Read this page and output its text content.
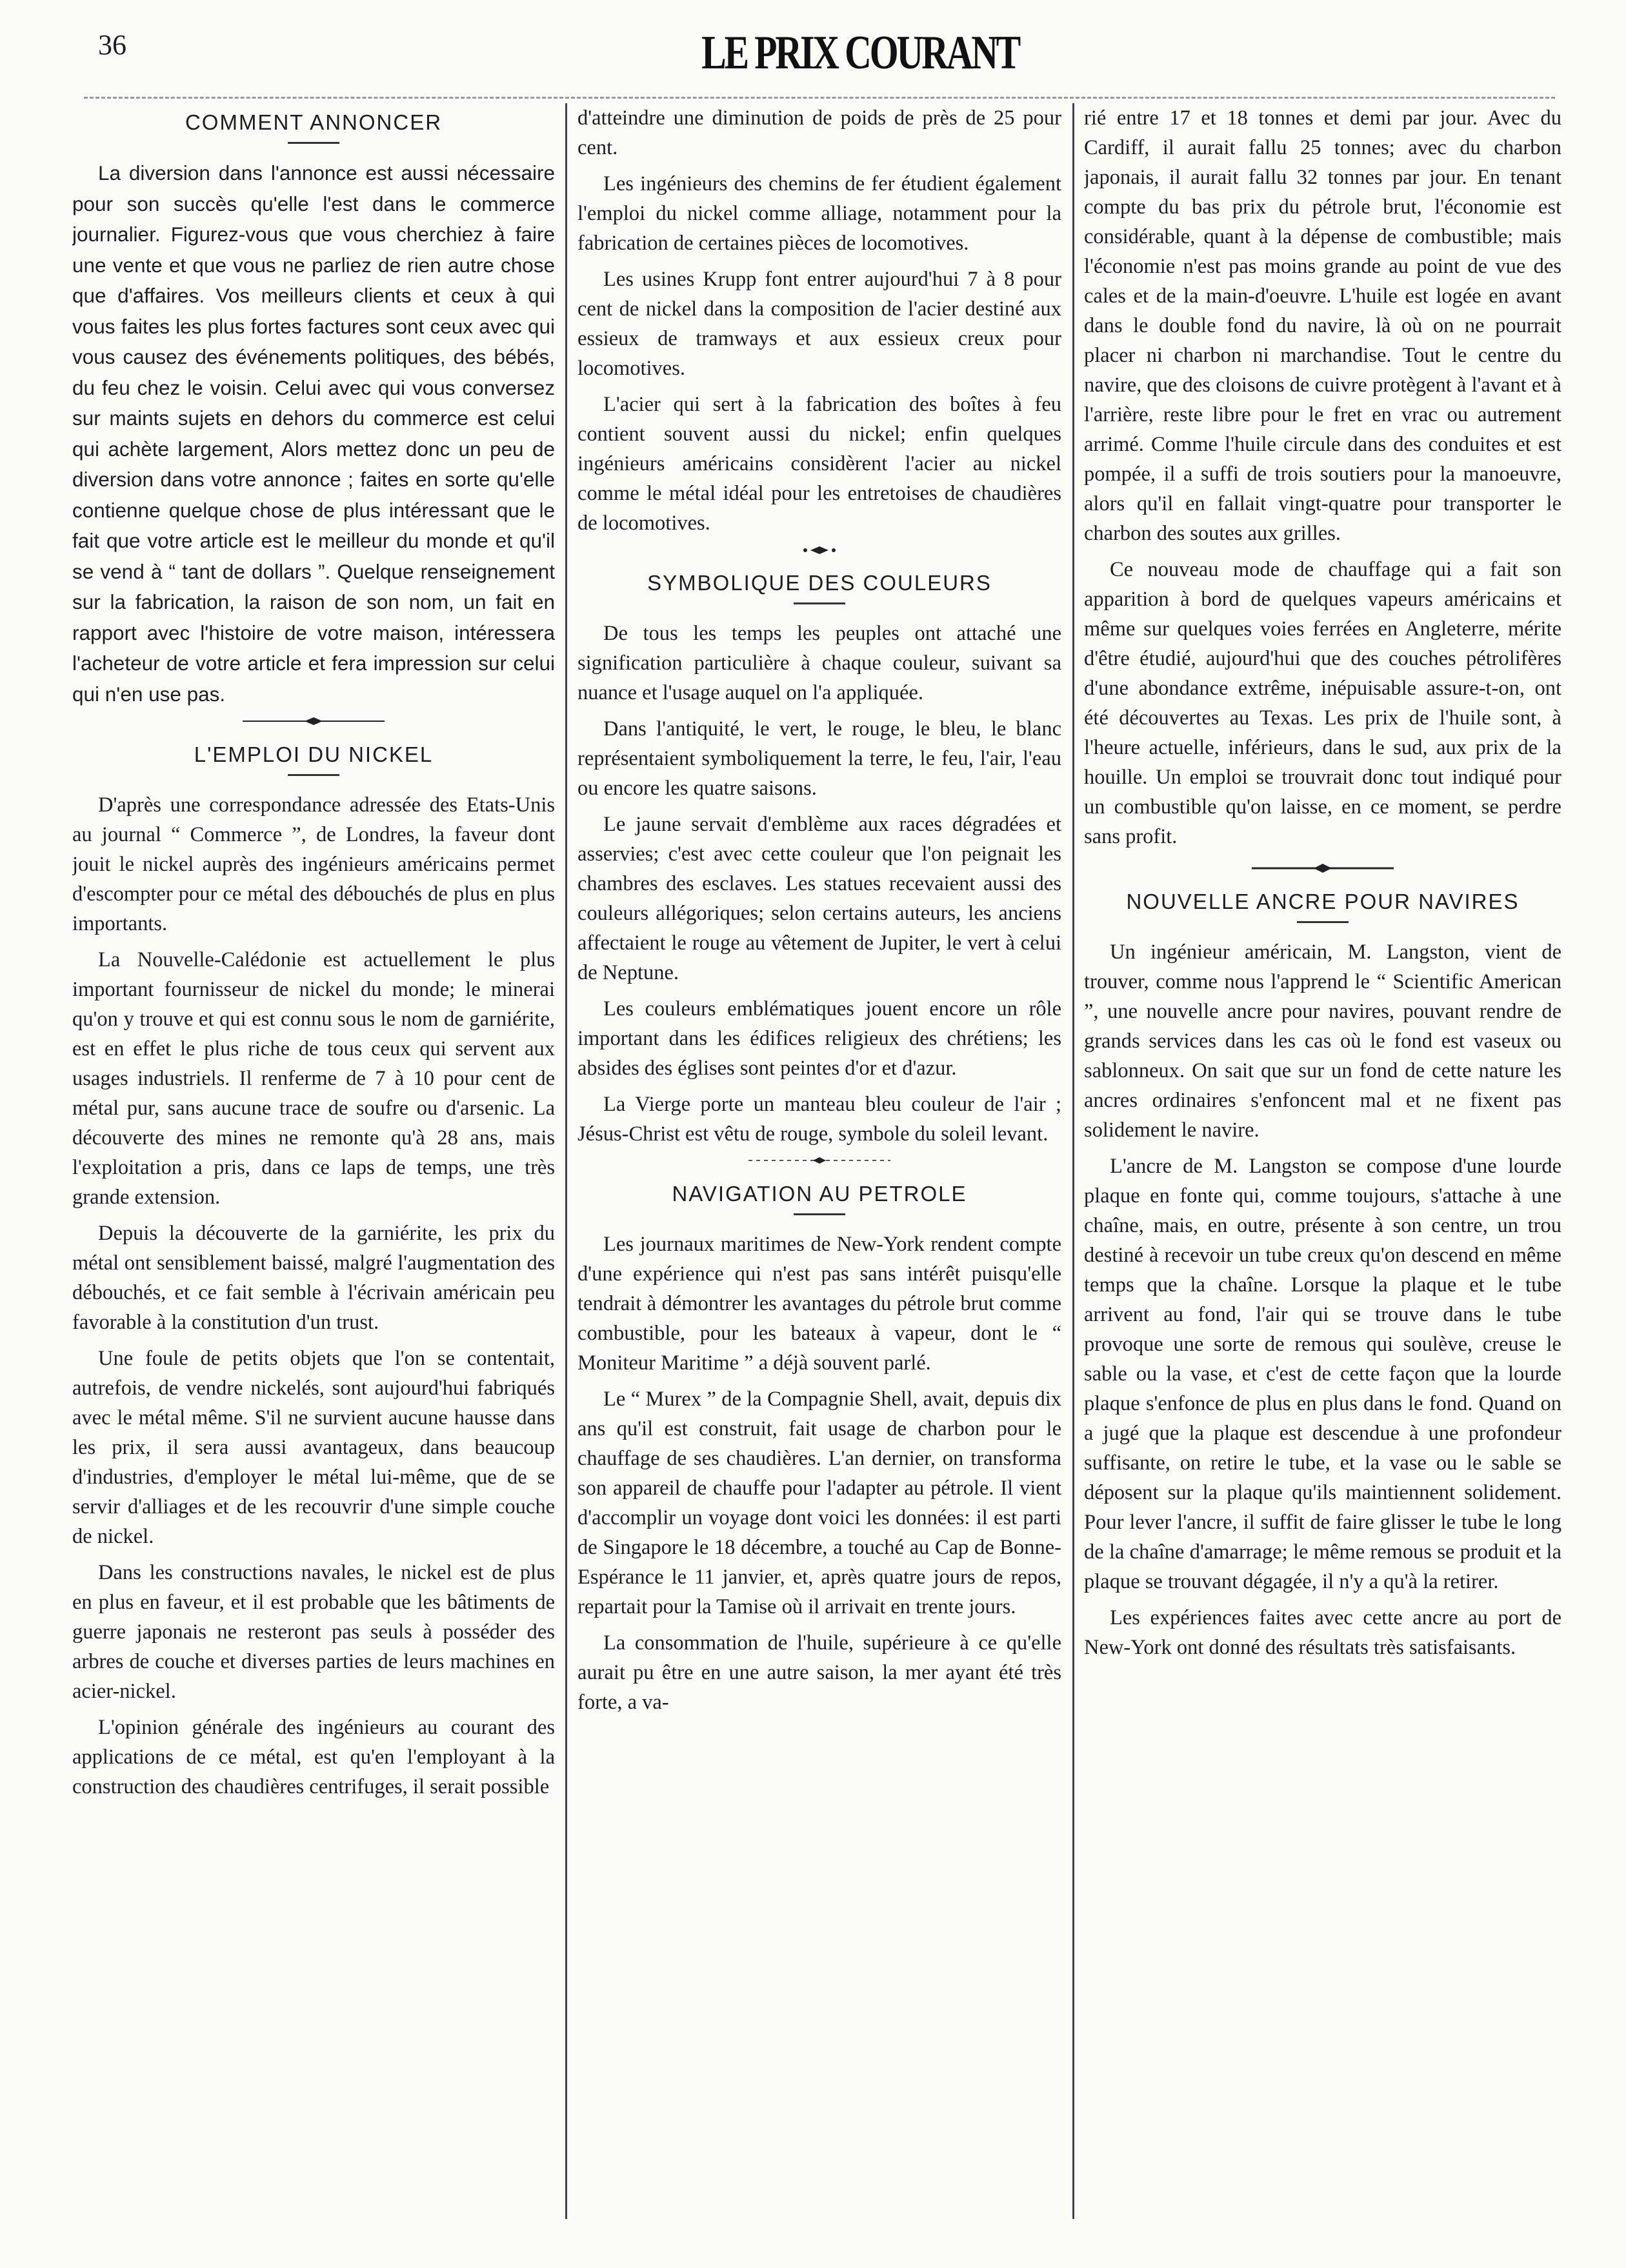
36	LE PRIX COURANT
COMMENT ANNONCER

La diversion dans l'annonce est aussi nécessaire pour son succès qu'elle l'est dans le commerce journalier. Figurez-vous que vous cherchiez à faire une vente et que vous ne parliez de rien autre chose que d'affaires. Vos meilleurs clients et ceux à qui vous faites les plus fortes factures sont ceux avec qui vous causez des événements politiques, des bébés, du feu chez le voisin. Celui avec qui vous conversez sur maints sujets en dehors du commerce est celui qui achète largement, Alors mettez donc un peu de diversion dans votre annonce ; faites en sorte qu'elle contienne quelque chose de plus intéressant que le fait que votre article est le meilleur du monde et qu'il se vend à “ tant de dollars ”. Quelque renseignement sur la fabrication, la raison de son nom, un fait en rapport avec l'histoire de votre maison, intéressera l'acheteur de votre article et fera impression sur celui qui n'en use pas.

L'EMPLOI DU NICKEL

D'après une correspondance adressée des Etats-Unis au journal “ Commerce ”, de Londres, la faveur dont jouit le nickel auprès des ingénieurs américains permet d'escompter pour ce métal des débouchés de plus en plus importants.

La Nouvelle-Calédonie est actuellement le plus important fournisseur de nickel du monde; le minerai qu'on y trouve et qui est connu sous le nom de garniérite, est en effet le plus riche de tous ceux qui servent aux usages industriels. Il renferme de 7 à 10 pour cent de métal pur, sans aucune trace de soufre ou d'arsenic. La découverte des mines ne remonte qu'à 28 ans, mais l'exploitation a pris, dans ce laps de temps, une très grande extension.

Depuis la découverte de la garniérite, les prix du métal ont sensiblement baissé, malgré l'augmentation des débouchés, et ce fait semble à l'écrivain américain peu favorable à la constitution d'un trust.

Une foule de petits objets que l'on se contentait, autrefois, de vendre nickelés, sont aujourd'hui fabriqués avec le métal même. S'il ne survient aucune hausse dans les prix, il sera aussi avantageux, dans beaucoup d'industries, d'employer le métal lui-même, que de se servir d'alliages et de les recouvrir d'une simple couche de nickel.

Dans les constructions navales, le nickel est de plus en plus en faveur, et il est probable que les bâtiments de guerre japonais ne resteront pas seuls à posséder des arbres de couche et diverses parties de leurs machines en acier-nickel.

L'opinion générale des ingénieurs au courant des applications de ce métal, est qu'en l'employant à la construction des chaudières centrifuges, il serait possible

d'atteindre une diminution de poids de près de 25 pour cent.

Les ingénieurs des chemins de fer étudient également l'emploi du nickel comme alliage, notamment pour la fabrication de certaines pièces de locomotives.

Les usines Krupp font entrer aujourd'hui 7 à 8 pour cent de nickel dans la composition de l'acier destiné aux essieux de tramways et aux essieux creux pour locomotives.

L'acier qui sert à la fabrication des boîtes à feu contient souvent aussi du nickel; enfin quelques ingénieurs américains considèrent l'acier au nickel comme le métal idéal pour les entretoises de chaudières de locomotives.

SYMBOLIQUE DES COULEURS

De tous les temps les peuples ont attaché une signification particulière à chaque couleur, suivant sa nuance et l'usage auquel on l'a appliquée.

Dans l'antiquité, le vert, le rouge, le bleu, le blanc représentaient symboliquement la terre, le feu, l'air, l'eau ou encore les quatre saisons.

Le jaune servait d'emblème aux races dégradées et asservies; c'est avec cette couleur que l'on peignait les chambres des esclaves. Les statues recevaient aussi des couleurs allégoriques; selon certains auteurs, les anciens affectaient le rouge au vêtement de Jupiter, le vert à celui de Neptune.

Les couleurs emblématiques jouent encore un rôle important dans les édifices religieux des chrétiens; les absides des églises sont peintes d'or et d'azur.

La Vierge porte un manteau bleu couleur de l'air ; Jésus-Christ est vêtu de rouge, symbole du soleil levant.

NAVIGATION AU PETROLE

Les journaux maritimes de New-York rendent compte d'une expérience qui n'est pas sans intérêt puisqu'elle tendrait à démontrer les avantages du pétrole brut comme combustible, pour les bateaux à vapeur, dont le “ Moniteur Maritime ” a déjà souvent parlé.

Le “ Murex ” de la Compagnie Shell, avait, depuis dix ans qu'il est construit, fait usage de charbon pour le chauffage de ses chaudières. L'an dernier, on transforma son appareil de chauffe pour l'adapter au pétrole. Il vient d'accomplir un voyage dont voici les données: il est parti de Singapore le 18 décembre, a touché au Cap de Bonne-Espérance le 11 janvier, et, après quatre jours de repos, repartait pour la Tamise où il arrivait en trente jours.

La consommation de l'huile, supérieure à ce qu'elle aurait pu être en une autre saison, la mer ayant été très forte, a va-

rié entre 17 et 18 tonnes et demi par jour. Avec du Cardiff, il aurait fallu 25 tonnes; avec du charbon japonais, il aurait fallu 32 tonnes par jour. En tenant compte du bas prix du pétrole brut, l'économie est considérable, quant à la dépense de combustible; mais l'économie n'est pas moins grande au point de vue des cales et de la main-d'oeuvre. L'huile est logée en avant dans le double fond du navire, là où on ne pourrait placer ni charbon ni marchandise. Tout le centre du navire, que des cloisons de cuivre protègent à l'avant et à l'arrière, reste libre pour le fret en vrac ou autrement arrimé. Comme l'huile circule dans des conduites et est pompée, il a suffi de trois soutiers pour la manoeuvre, alors qu'il en fallait vingt-quatre pour transporter le charbon des soutes aux grilles.

Ce nouveau mode de chauffage qui a fait son apparition à bord de quelques vapeurs américains et même sur quelques voies ferrées en Angleterre, mérite d'être étudié, aujourd'hui que des couches pétrolifères d'une abondance extrême, inépuisable assure-t-on, ont été découvertes au Texas. Les prix de l'huile sont, à l'heure actuelle, inférieurs, dans le sud, aux prix de la houille. Un emploi se trouvrait donc tout indiqué pour un combustible qu'on laisse, en ce moment, se perdre sans profit.

NOUVELLE ANCRE POUR NAVIRES

Un ingénieur américain, M. Langston, vient de trouver, comme nous l'apprend le “ Scientific American ”, une nouvelle ancre pour navires, pouvant rendre de grands services dans les cas où le fond est vaseux ou sablonneux. On sait que sur un fond de cette nature les ancres ordinaires s'enfoncent mal et ne fixent pas solidement le navire.

L'ancre de M. Langston se compose d'une lourde plaque en fonte qui, comme toujours, s'attache à une chaîne, mais, en outre, présente à son centre, un trou destiné à recevoir un tube creux qu'on descend en même temps que la chaîne. Lorsque la plaque et le tube arrivent au fond, l'air qui se trouve dans le tube provoque une sorte de remous qui soulève, creuse le sable ou la vase, et c'est de cette façon que la lourde plaque s'enfonce de plus en plus dans le fond. Quand on a jugé que la plaque est descendue à une profondeur suffisante, on retire le tube, et la vase ou le sable se déposent sur la plaque qu'ils maintiennent solidement. Pour lever l'ancre, il suffit de faire glisser le tube le long de la chaîne d'amarrage; le même remous se produit et la plaque se trouvant dégagée, il n'y a qu'à la retirer.

Les expériences faites avec cette ancre au port de New-York ont donné des résultats très satisfaisants.
